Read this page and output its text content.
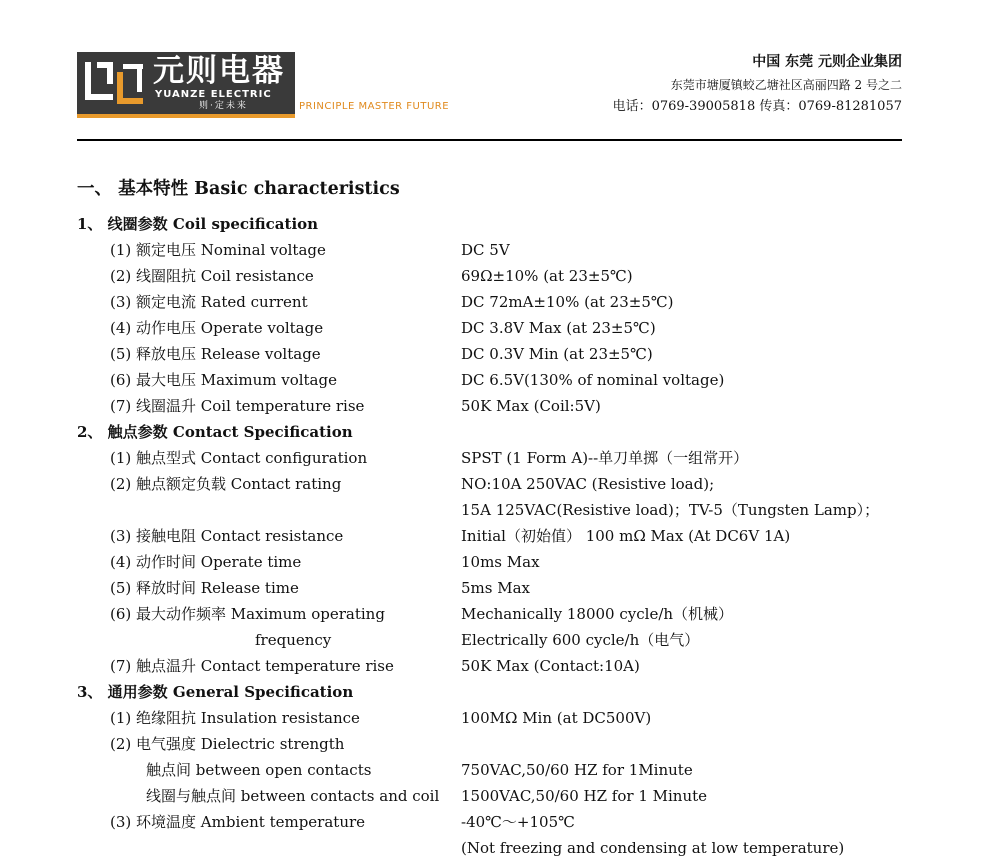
元则电器
YUANZE ELECTRIC
则·定未来	PRINCIPLE MASTER FUTURE
中国 东莞 元则企业集团
东莞市塘厦镇蛟乙塘社区高丽四路 2 号之二
电话：0769-39005818 传真：0769-81281057
一、 基本特性 Basic characteristics
1、 线圈参数 Coil specification
(1) 额定电压 Nominal voltage	DC 5V
(2) 线圈阻抗 Coil resistance	69Ω±10% (at 23±5℃)
(3) 额定电流 Rated current	DC 72mA±10% (at 23±5℃)
(4) 动作电压 Operate voltage	DC 3.8V Max (at 23±5℃)
(5) 释放电压 Release voltage	DC 0.3V Min (at 23±5℃)
(6) 最大电压 Maximum voltage	DC 6.5V(130% of nominal voltage)
(7) 线圈温升 Coil temperature rise	50K Max (Coil:5V)
2、 触点参数 Contact Specification
(1) 触点型式 Contact configuration	SPST (1 Form A)--单刀单掷（一组常开）
(2) 触点额定负载 Contact rating	NO:10A 250VAC (Resistive load);
15A 125VAC(Resistive load)；TV-5（Tungsten Lamp）；
(3) 接触电阻 Contact resistance	Initial（初始值） 100 mΩ Max (At DC6V 1A)
(4) 动作时间 Operate time	10ms Max
(5) 释放时间 Release time	5ms Max
(6) 最大动作频率 Maximum operating	Mechanically 18000 cycle/h（机械）
frequency	Electrically 600 cycle/h（电气）
(7) 触点温升 Contact temperature rise	50K Max (Contact:10A)
3、 通用参数 General Specification
(1) 绝缘阻抗 Insulation resistance	100MΩ Min (at DC500V)
(2) 电气强度 Dielectric strength
触点间 between open contacts	750VAC,50/60 HZ for 1Minute
线圈与触点间 between contacts and coil 1500VAC,50/60 HZ for 1 Minute
(3) 环境温度 Ambient temperature	-40℃～+105℃
(Not freezing and condensing at low temperature)
